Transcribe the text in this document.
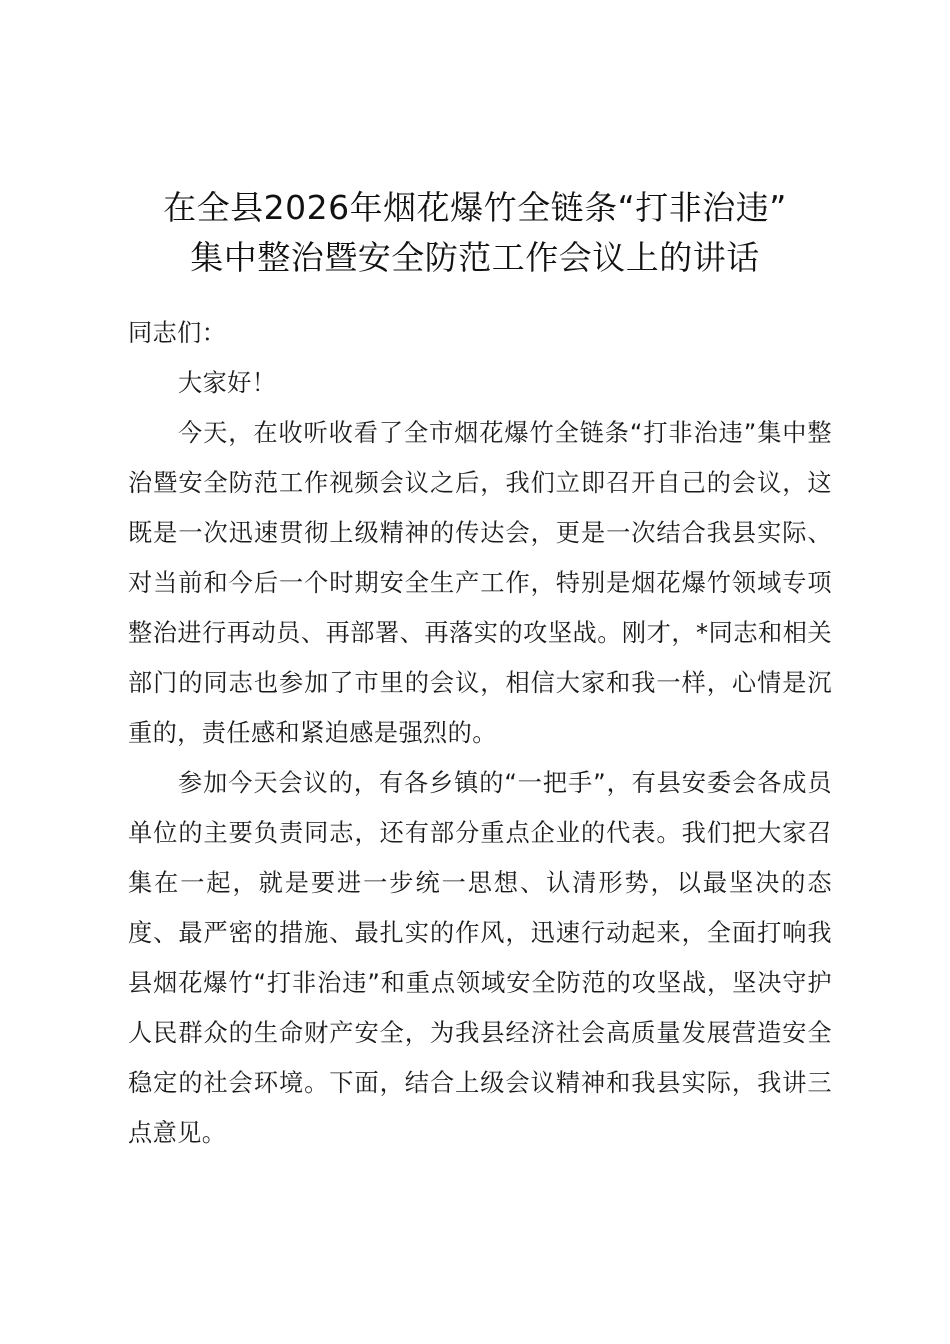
在全县2026年烟花爆竹全链条“打非治违”
集中整治暨安全防范工作会议上的讲话

同志们：

大家好！

今天，在收听收看了全市烟花爆竹全链条“打非治违”集中整治暨安全防范工作视频会议之后，我们立即召开自己的会议，这既是一次迅速贯彻上级精神的传达会，更是一次结合我县实际、对当前和今后一个时期安全生产工作，特别是烟花爆竹领域专项整治进行再动员、再部署、再落实的攻坚战。刚才，*同志和相关部门的同志也参加了市里的会议，相信大家和我一样，心情是沉重的，责任感和紧迫感是强烈的。

参加今天会议的，有各乡镇的“一把手”，有县安委会各成员单位的主要负责同志，还有部分重点企业的代表。我们把大家召集在一起，就是要进一步统一思想、认清形势，以最坚决的态度、最严密的措施、最扎实的作风，迅速行动起来，全面打响我县烟花爆竹“打非治违”和重点领域安全防范的攻坚战，坚决守护人民群众的生命财产安全，为我县经济社会高质量发展营造安全稳定的社会环境。下面，结合上级会议精神和我县实际，我讲三点意见。
